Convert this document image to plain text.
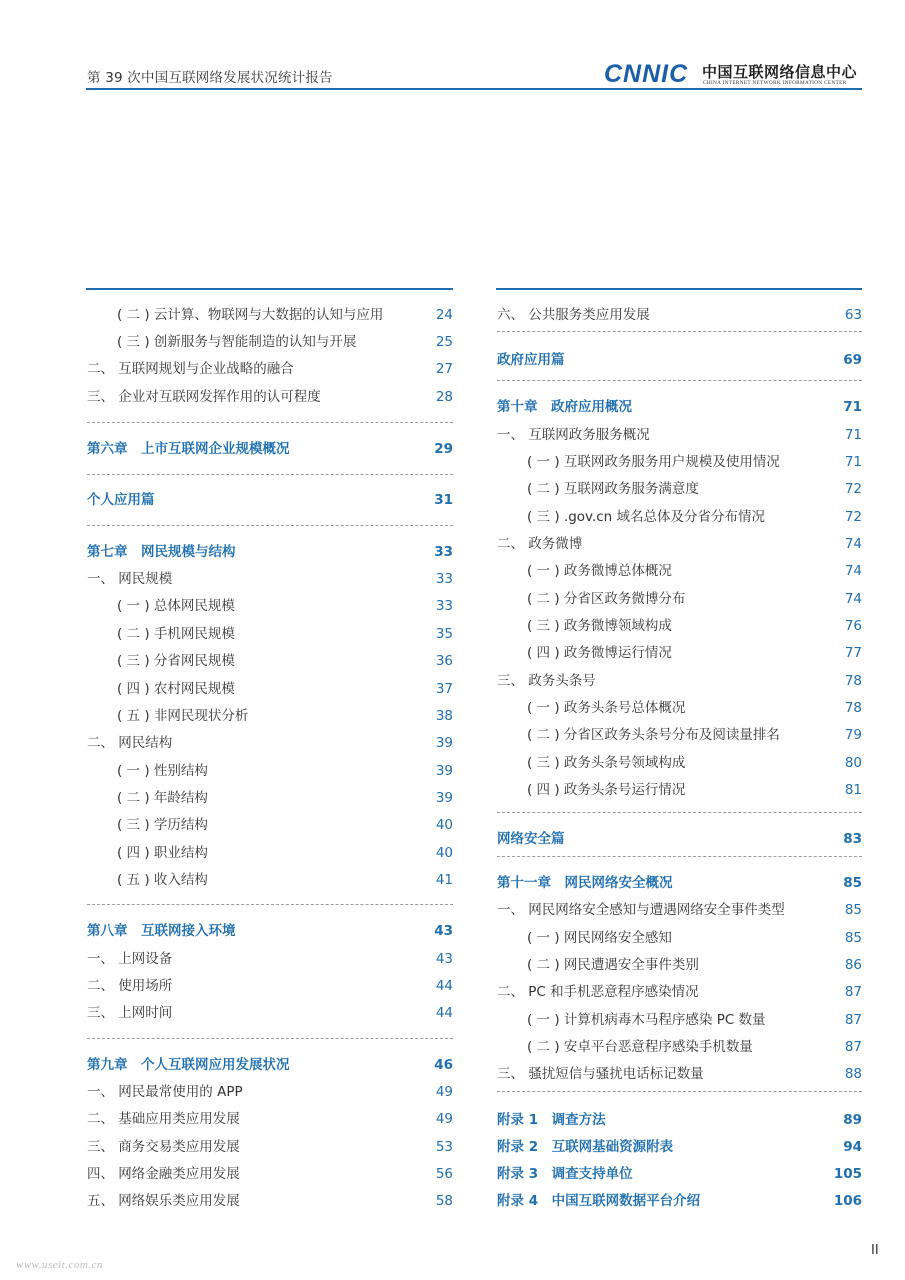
第 39 次中国互联网络发展状况统计报告	CNNIC 中国互联网络信息中心
CHINA INTERNET NETWORK INFORMATION CENTER
( 二 ) 云计算、物联网与大数据的认知与应用	24
( 三 ) 创新服务与智能制造的认知与开展	25
二、 互联网规划与企业战略的融合	27
三、 企业对互联网发挥作用的认可程度	28
第六章　上市互联网企业规模概况	29
个人应用篇	31
第七章　网民规模与结构	33
一、 网民规模	33
( 一 ) 总体网民规模	33
( 二 ) 手机网民规模	35
( 三 ) 分省网民规模	36
( 四 ) 农村网民规模	37
( 五 ) 非网民现状分析	38
二、 网民结构	39
( 一 ) 性别结构	39
( 二 ) 年龄结构	39
( 三 ) 学历结构	40
( 四 ) 职业结构	40
( 五 ) 收入结构	41
第八章　互联网接入环境	43
一、 上网设备	43
二、 使用场所	44
三、 上网时间	44
第九章　个人互联网应用发展状况	46
一、 网民最常使用的 APP	49
二、 基础应用类应用发展	49
三、 商务交易类应用发展	53
四、 网络金融类应用发展	56
五、 网络娱乐类应用发展	58
六、 公共服务类应用发展	63
政府应用篇	69
第十章　政府应用概况	71
一、 互联网政务服务概况	71
( 一 ) 互联网政务服务用户规模及使用情况	71
( 二 ) 互联网政务服务满意度	72
( 三 ) .gov.cn 域名总体及分省分布情况	72
二、 政务微博	74
( 一 ) 政务微博总体概况	74
( 二 ) 分省区政务微博分布	74
( 三 ) 政务微博领域构成	76
( 四 ) 政务微博运行情况	77
三、 政务头条号	78
( 一 ) 政务头条号总体概况	78
( 二 ) 分省区政务头条号分布及阅读量排名	79
( 三 ) 政务头条号领域构成	80
( 四 ) 政务头条号运行情况	81
网络安全篇	83
第十一章　网民网络安全概况	85
一、 网民网络安全感知与遭遇网络安全事件类型	85
( 一 ) 网民网络安全感知	85
( 二 ) 网民遭遇安全事件类别	86
二、 PC 和手机恶意程序感染情况	87
( 一 ) 计算机病毒木马程序感染 PC 数量	87
( 二 ) 安卓平台恶意程序感染手机数量	87
三、 骚扰短信与骚扰电话标记数量	88
附录 1　调查方法	89
附录 2　互联网基础资源附表	94
附录 3　调查支持单位	105
附录 4　中国互联网数据平台介绍	106
II
www.useit.com.cn
